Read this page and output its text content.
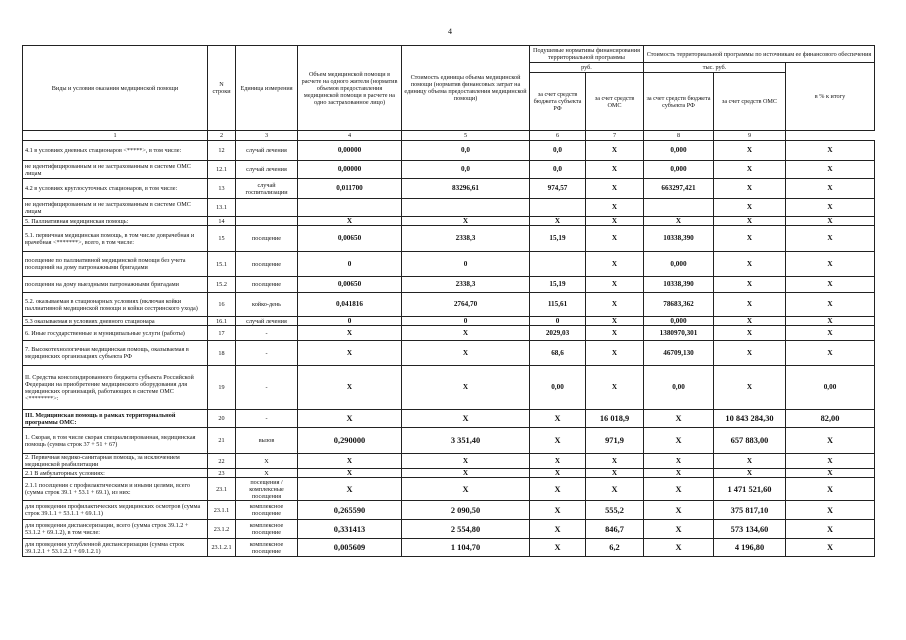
4
Виды и условия оказания медицинской помощи	N строки	Единица измерения	Объем медицинской помощи в расчете на одного жителя (норматив объемов предоставления медицинской помощи в расчете на одно застрахованное лицо)	Стоимость единицы объема медицинской помощи (норматив финансовых затрат на единицу объема предоставления медицинской помощи)	Подушевые нормативы финансирования территориальной программы		Стоимость территориальной программы по источникам ее финансового обеспечения		
					руб.		тыс. руб.		в % к итогу
					за счет средств бюджета субъекта РФ	за счет средств ОМС	за счет средств бюджета субъекта РФ	за счет средств ОМС	
1	2	3	4	5	6	7	8	9	
4.1 в условиях дневных стационаров <*****>, в том числе:	12	случай лечения	0,00000	0,0	0,0	X	0,000	X	X
не идентифицированным и не застрахованным в системе ОМС лицам	12.1	случай лечения	0,00000	0,0	0,0	X	0,000	X	X
4.2 в условиях круглосуточных стационаров, в том числе:	13	случай госпитализации	0,011700	83296,61	974,57	X	663297,421	X	X
не идентифицированным и не застрахованным в системе ОМС лицам	13.1					X		X	X
5. Паллиативная медицинская помощь:	14		X	X	X	X	X	X	X
5.1. первичная медицинская помощь, в том числе доврачебная и врачебная <*******>, всего, в том числе:	15	посещение	0,00650	2338,3	15,19	X	10338,390	X	X
посещение по паллиативной медицинской помощи без учета посещений на дому патронажными бригадами	15.1	посещение	0	0		X	0,000	X	X
посещения на дому выездными патронажными бригадами	15.2	посещение	0,00650	2338,3	15,19	X	10338,390	X	X
5.2. оказываемая в стационарных условиях (включая койки паллиативной медицинской помощи и койки сестринского ухода)	16	койко-день	0,041816	2764,70	115,61	X	78683,362	X	X
5.3 оказываемая в условиях дневного стационара	16.1	случай лечения	0	0	0	X	0,000	X	X
6. Иные государственные и муниципальные услуги (работы)	17	-	X	X	2029,03	X	1380970,301	X	X
7. Высокотехнологичная медицинская помощь, оказываемая в медицинских организациях субъекта РФ	18	-	X	X	68,6	X	46709,130	X	X
II. Средства консолидированного бюджета субъекта Российской Федерации на приобретение медицинского оборудования для медицинских организаций, работающих в системе ОМС <********>:	19	-	X	X	0,00	X	0,00	X	0,00
III. Медицинская помощь в рамках территориальной программы ОМС:	20	-	X	X	X	16 018,9	X	10 843 284,30	82,00
1. Скорая, в том числе скорая специализированная, медицинская помощь (сумма строк 37 + 51 + 67)	21	вызов	0,290000	3 351,40	X	971,9	X	657 883,00	X
2. Первичная медико-санитарная помощь, за исключением медицинской реабилитации	22	X	X	X	X	X	X	X	X
2.1 В амбулаторных условиях:	23	X	X	X	X	X	X	X	X
2.1.1 посещения с профилактическими и иными целями, всего (сумма строк 39.1 + 53.1 + 69.1), из них:	23.1	посещения / комплексные посещения	X	X	X	X	X	1 471 521,60	X
для проведения профилактических медицинских осмотров (сумма строк 39.1.1 + 53.1.1 + 69.1.1)	23.1.1	комплексное посещение	0,265590	2 090,50	X	555,2	X	375 817,10	X
для проведения диспансеризации, всего (сумма строк 39.1.2 + 53.1.2 + 69.1.2), в том числе:	23.1.2	комплексное посещение	0,331413	2 554,80	X	846,7	X	573 134,60	X
для проведения углубленной диспансеризации (сумма строк 39.1.2.1 + 53.1.2.1 + 69.1.2.1)	23.1.2.1	комплексное посещение	0,005609	1 104,70	X	6,2	X	4 196,80	X
